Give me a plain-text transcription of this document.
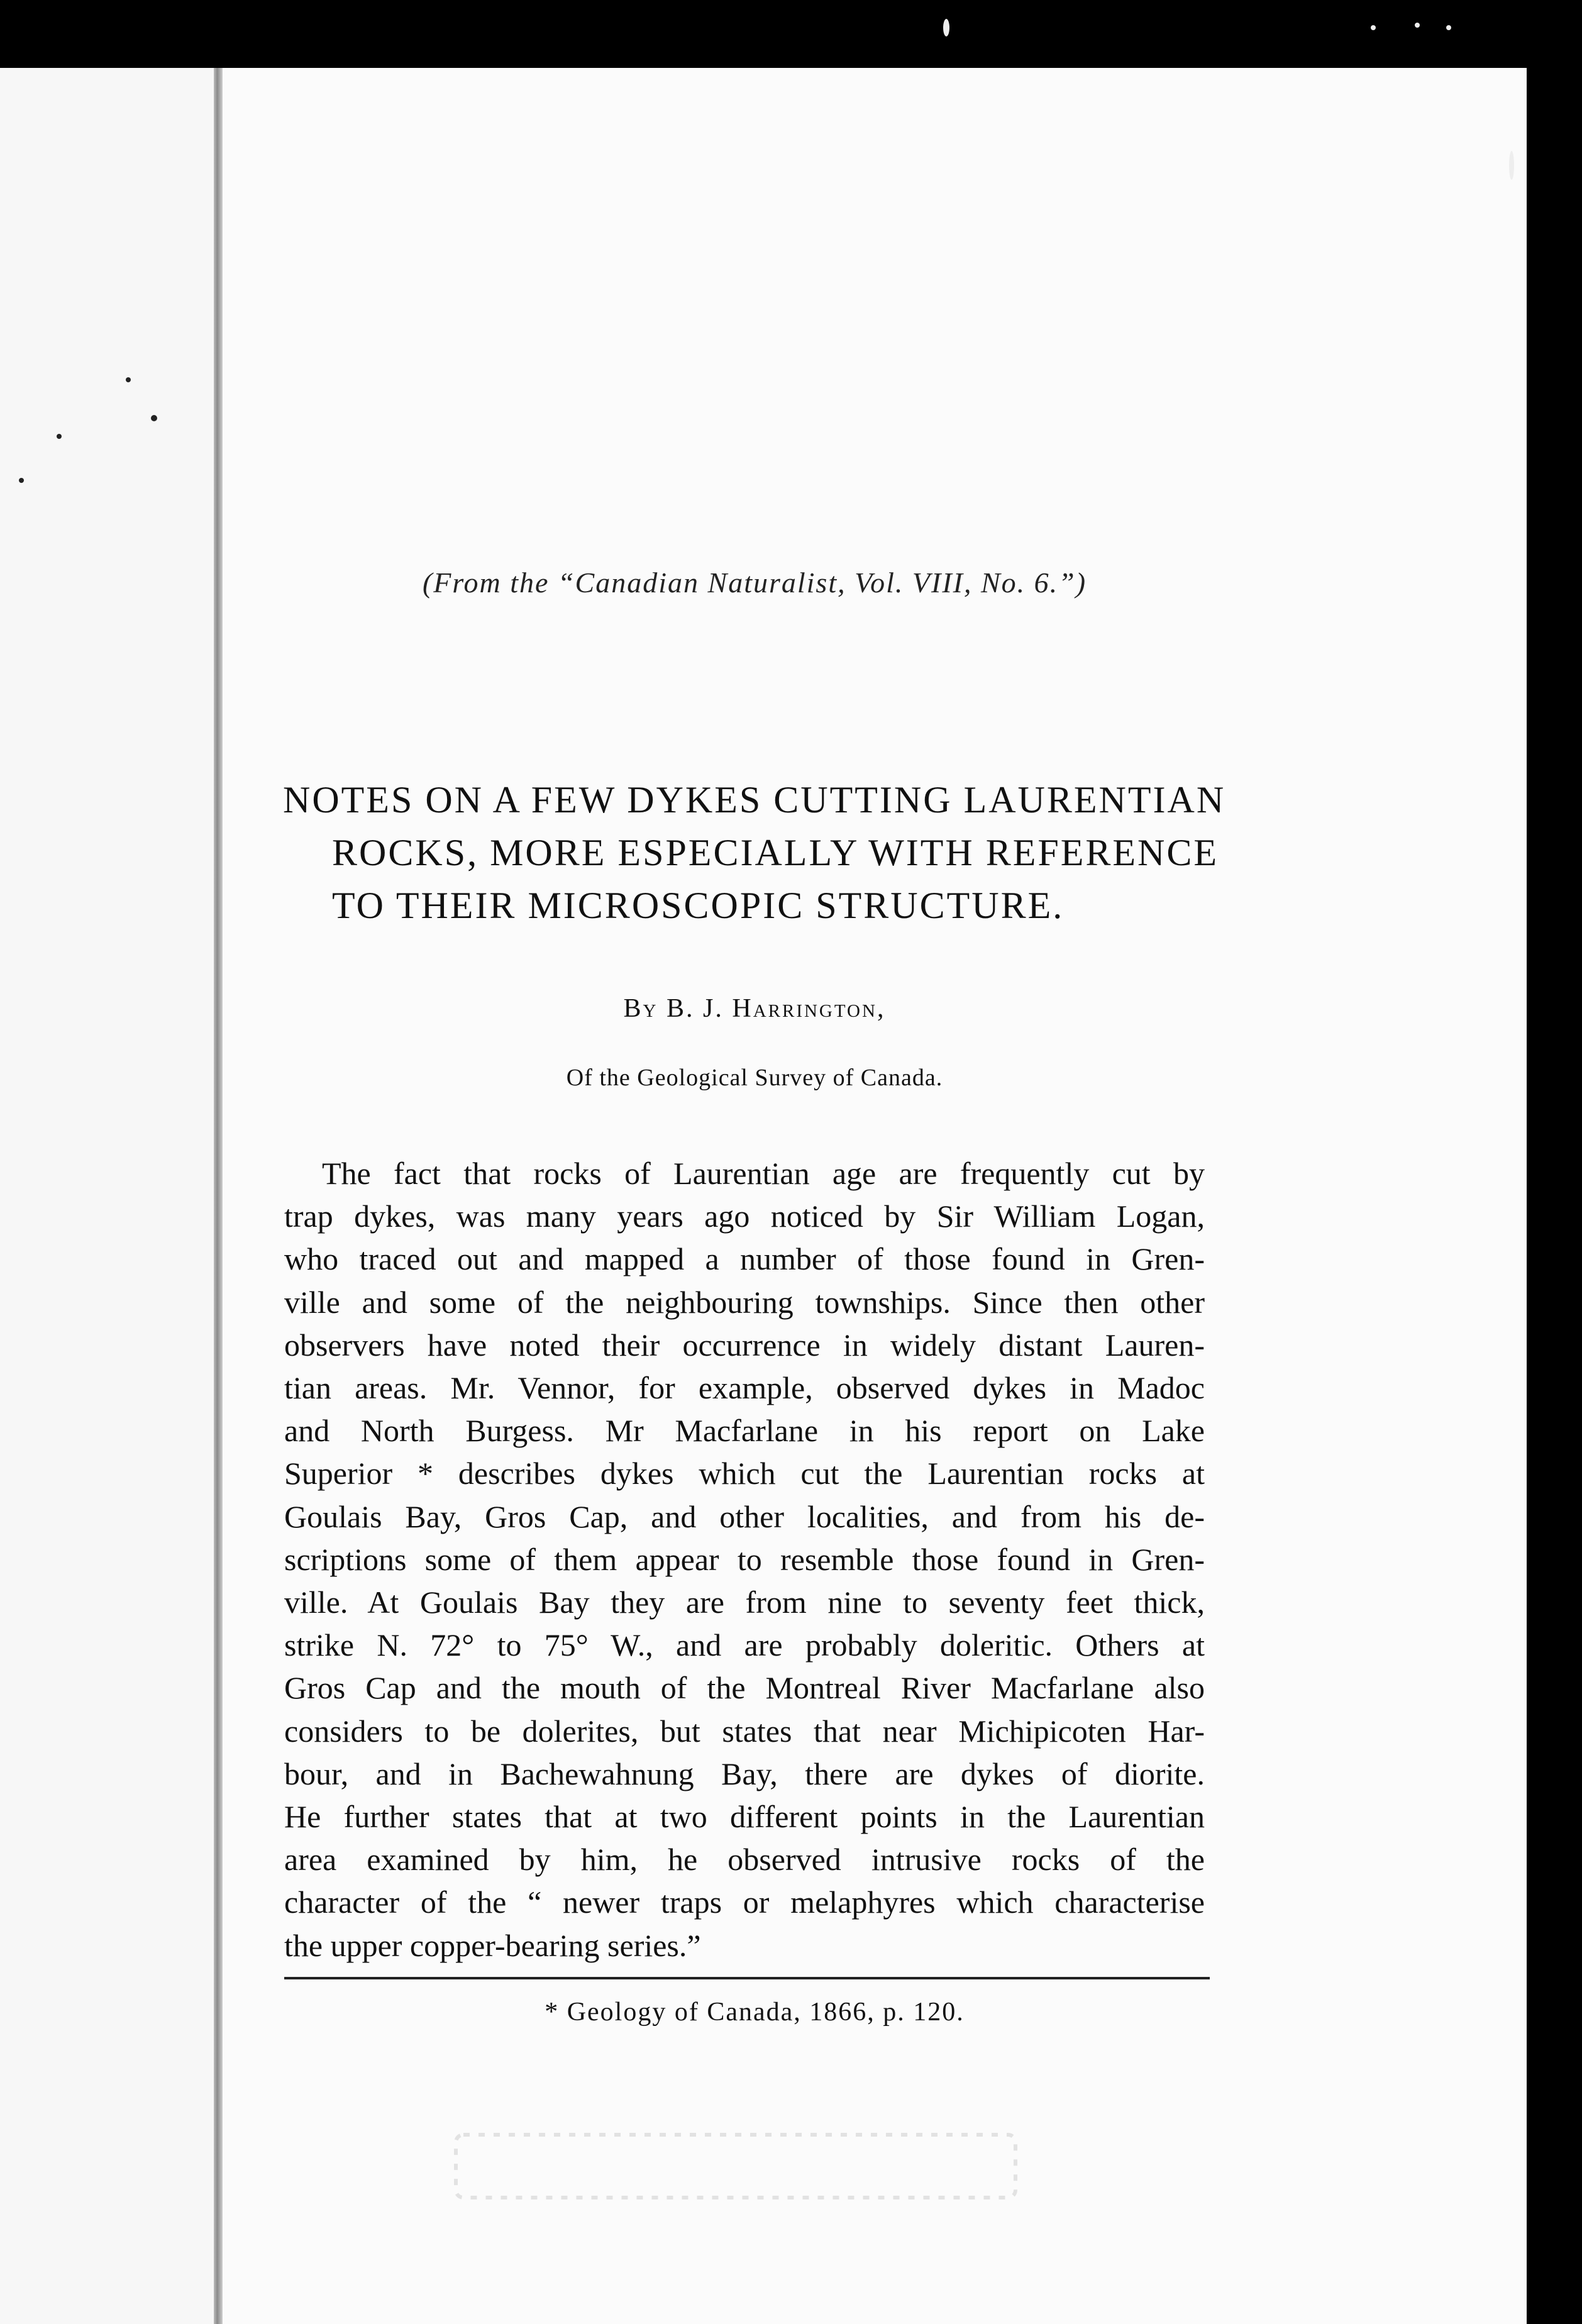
(From the “Canadian Naturalist, Vol. VIII, No. 6.”)
NOTES ON A FEW DYKES CUTTING LAURENTIAN
ROCKS, MORE ESPECIALLY WITH REFERENCE
TO THEIR MICROSCOPIC STRUCTURE.
By B. J. Harrington,
Of the Geological Survey of Canada.
The fact that rocks of Laurentian age are frequently cut by
trap dykes, was many years ago noticed by Sir William Logan,
who traced out and mapped a number of those found in Gren-
ville and some of the neighbouring townships. Since then other
observers have noted their occurrence in widely distant Lauren-
tian areas. Mr. Vennor, for example, observed dykes in Madoc
and North Burgess. Mr Macfarlane in his report on Lake
Superior * describes dykes which cut the Laurentian rocks at
Goulais Bay, Gros Cap, and other localities, and from his de-
scriptions some of them appear to resemble those found in Gren-
ville. At Goulais Bay they are from nine to seventy feet thick,
strike N. 72° to 75° W., and are probably doleritic. Others at
Gros Cap and the mouth of the Montreal River Macfarlane also
considers to be dolerites, but states that near Michipicoten Har-
bour, and in Bachewahnung Bay, there are dykes of diorite.
He further states that at two different points in the Laurentian
area examined by him, he observed intrusive rocks of the
character of the “ newer traps or melaphyres which characterise
the upper copper-bearing series.”
* Geology of Canada, 1866, p. 120.
